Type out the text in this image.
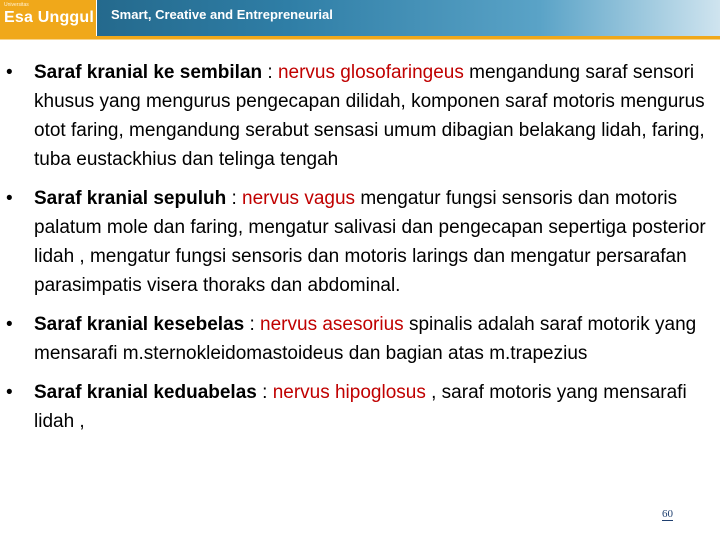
Universitas
Esa Unggul Smart, Creative and Entrepreneurial
• Saraf kranial ke sembilan : nervus glosofaringeus mengandung saraf sensori khusus yang mengurus pengecapan dilidah, komponen saraf motoris mengurus otot faring, mengandung serabut sensasi umum dibagian belakang lidah, faring, tuba eustackhius dan telinga tengah
• Saraf kranial sepuluh : nervus vagus mengatur fungsi sensoris dan motoris palatum mole dan faring, mengatur salivasi dan pengecapan sepertiga posterior lidah , mengatur fungsi sensoris dan motoris larings dan mengatur persarafan parasimpatis visera thoraks dan abdominal.
• Saraf kranial kesebelas : nervus asesorius spinalis adalah saraf motorik yang mensarafi m.sternokleidomastoideus dan bagian atas m.trapezius
• Saraf kranial keduabelas : nervus hipoglosus , saraf motoris yang mensarafi lidah ,
60
